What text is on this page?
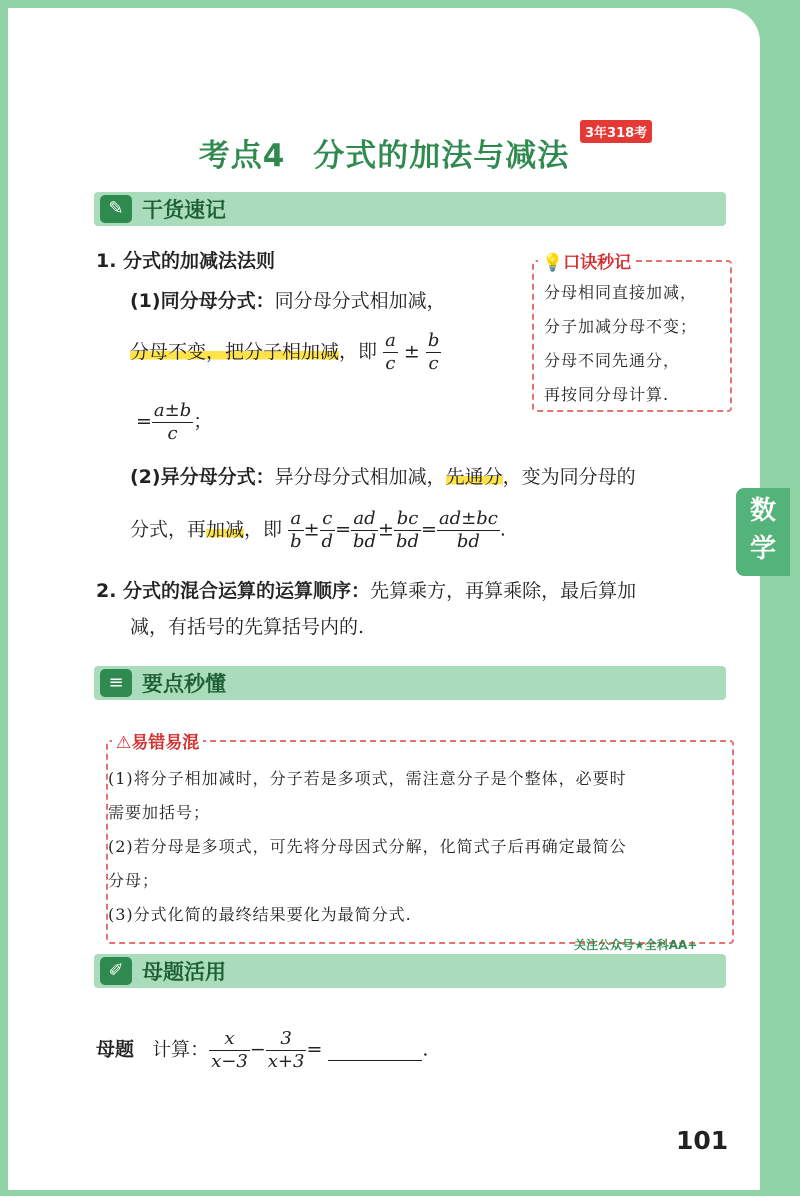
考点4 分式的加法与减法
3年318考
✎ 干货速记
1. 分式的加减法法则
(1)同分母分式：同分母分式相加减，
分母不变，把分子相加减，即 $\frac{a}{c} \pm \frac{b}{c}$
= $\frac{a\pm b}{c}$ ；
💡口诀秒记
分母相同直接加减，
分子加减分母不变；
分母不同先通分，
再按同分母计算.
(2)异分母分式：异分母分式相加减，先通分，变为同分母的
分式，再加减，即 $\frac{a}{b} \pm \frac{c}{d} = \frac{ad}{bd} \pm \frac{bc}{bd} = \frac{ad\pm bc}{bd}$ .
2. 分式的混合运算的运算顺序：先算乘方，再算乘除，最后算加
减，有括号的先算括号内的.
≡ 要点秒懂
⚠易错易混
(1)将分子相加减时，分子若是多项式，需注意分子是个整体，必要时
需要加括号；
(2)若分母是多项式，可先将分母因式分解，化简式子后再确定最简公
分母；
(3)分式化简的最终结果要化为最简分式.
关注公众号★全科AA+
✐ 母题活用
母题 计算： $\frac{x}{x-3} - \frac{3}{x+3}$ =	.
101
数
学
